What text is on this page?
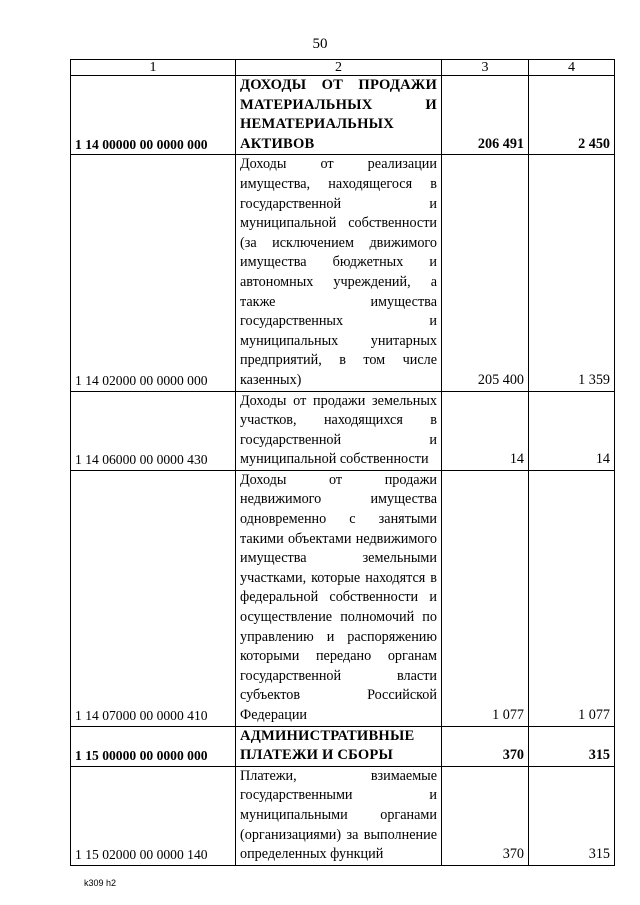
50
1	2	3	4
1 14 00000 00 0000 000	ДОХОДЫ ОТ ПРОДАЖИ МАТЕРИАЛЬНЫХ И НЕМАТЕРИАЛЬНЫХ АКТИВОВ	206 491	2 450
1 14 02000 00 0000 000	Доходы от реализации имущества, находящегося в государственной и муниципальной собственности (за исключением движимого имущества бюджетных и автономных учреждений, а также имущества государственных и муниципальных унитарных предприятий, в том числе казенных)	205 400	1 359
1 14 06000 00 0000 430	Доходы от продажи земельных участков, находящихся в государственной и муниципальной собственности	14	14
1 14 07000 00 0000 410	Доходы от продажи недвижимого имущества одновременно с занятыми такими объектами недвижимого имущества земельными участками, которые находятся в федеральной собственности и осуществление полномочий по управлению и распоряжению которыми передано органам государственной власти субъектов Российской Федерации	1 077	1 077
1 15 00000 00 0000 000	АДМИНИСТРАТИВНЫЕ ПЛАТЕЖИ И СБОРЫ	370	315
1 15 02000 00 0000 140	Платежи, взимаемые государственными и муниципальными органами (организациями) за выполнение определенных функций	370	315
k309 h2
